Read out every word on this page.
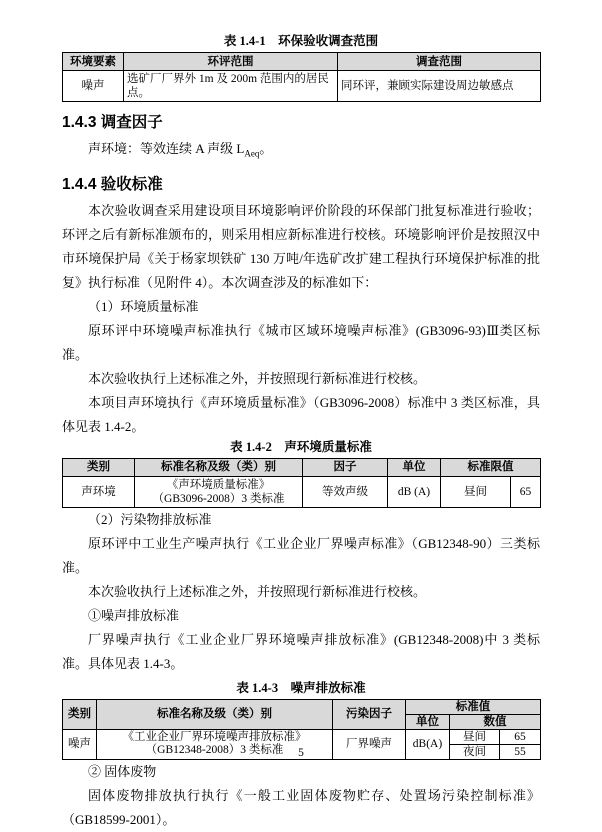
表 1.4-1　环保验收调查范围
环境要素	环评范围	调查范围
噪声	选矿厂厂界外 1m 及 200m 范围内的居民点。	同环评，兼顾实际建设周边敏感点
1.4.3 调查因子

声环境：等效连续 A 声级 $L_{Aeq}$。

1.4.4 验收标准

本次验收调查采用建设项目环境影响评价阶段的环保部门批复标准进行验收；环评之后有新标准颁布的，则采用相应新标准进行校核。环境影响评价是按照汉中市环境保护局《关于杨家坝铁矿 130 万吨/年选矿改扩建工程执行环境保护标准的批复》执行标准（见附件 4）。本次调查涉及的标准如下：

（1）环境质量标准

原环评中环境噪声标准执行《城市区域环境噪声标准》(GB3096-93)Ⅲ类区标准。

本次验收执行上述标准之外，并按照现行新标准进行校核。

本项目声环境执行《声环境质量标准》（GB3096-2008）标准中 3 类区标准，具体见表 1.4-2。

表 1.4-2　声环境质量标准
类别	标准名称及级（类）别	因子	单位	标准限值	
声环境	《声环境质量标准》
（GB3096-2008）3 类标准	等效声级	dB (A)	昼间	65

（2）污染物排放标准

原环评中工业生产噪声执行《工业企业厂界噪声标准》（GB12348-90）三类标准。

本次验收执行上述标准之外，并按照现行新标准进行校核。

①噪声排放标准

厂界噪声执行《工业企业厂界环境噪声排放标准》(GB12348-2008)中 3 类标准。具体见表 1.4-3。

表 1.4-3　噪声排放标准
类别	标准名称及级（类）别	污染因子	标准值		
			单位	数值	
噪声	《工业企业厂界环境噪声排放标准》
（GB12348-2008）3 类标准	厂界噪声	dB(A)	昼间	65
				夜间	55

② 固体废物

固体废物排放执行执行《一般工业固体废物贮存、处置场污染控制标准》（GB18599-2001）。

5
